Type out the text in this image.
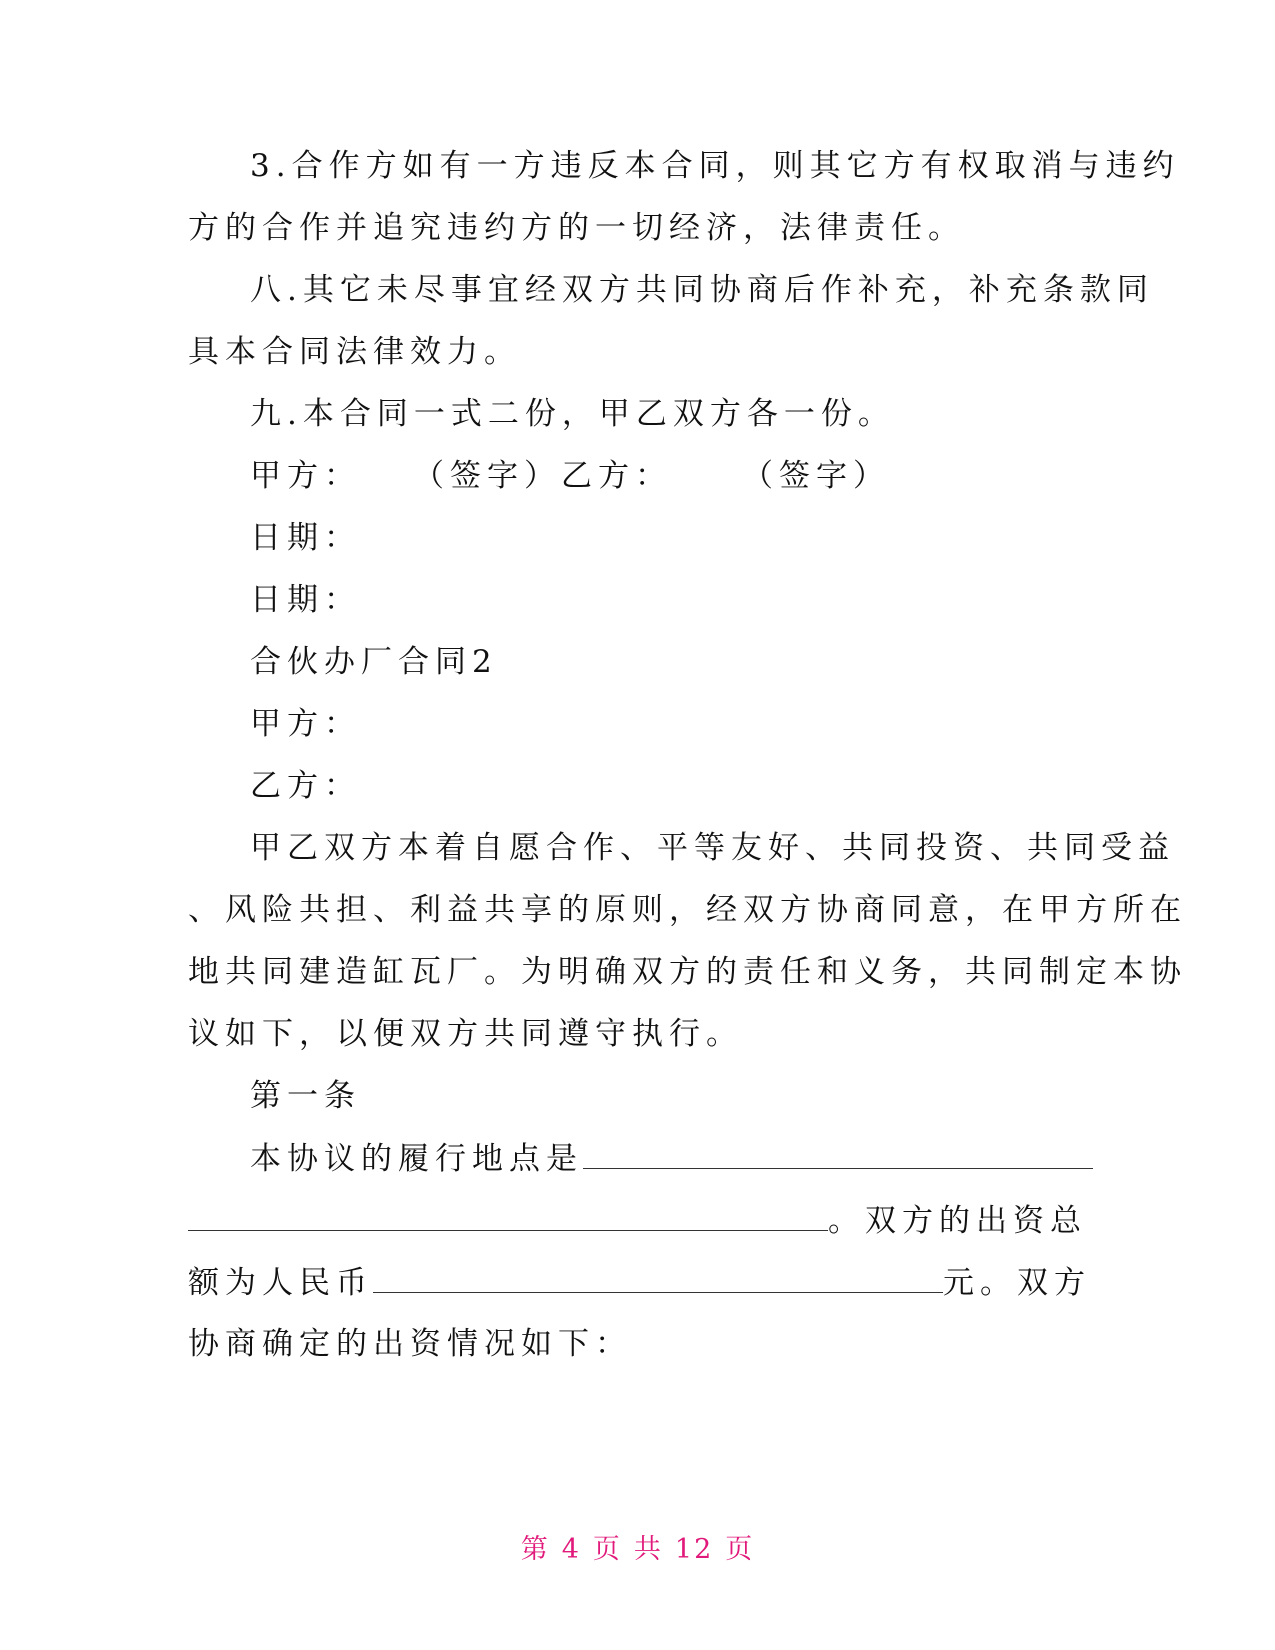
3.合作方如有一方违反本合同，则其它方有权取消与违约
方的合作并追究违约方的一切经济，法律责任。
八.其它未尽事宜经双方共同协商后作补充，补充条款同
具本合同法律效力。
九.本合同一式二份，甲乙双方各一份。
甲方： （签字）乙方： （签字）
日期：
日期：
合伙办厂合同2
甲方：
乙方：
甲乙双方本着自愿合作、平等友好、共同投资、共同受益
、风险共担、利益共享的原则，经双方协商同意，在甲方所在
地共同建造缸瓦厂。为明确双方的责任和义务，共同制定本协
议如下，以便双方共同遵守执行。
第一条
本协议的履行地点是
。双方的出资总
额为人民币	元。双方
协商确定的出资情况如下：
第 4 页 共 12 页
